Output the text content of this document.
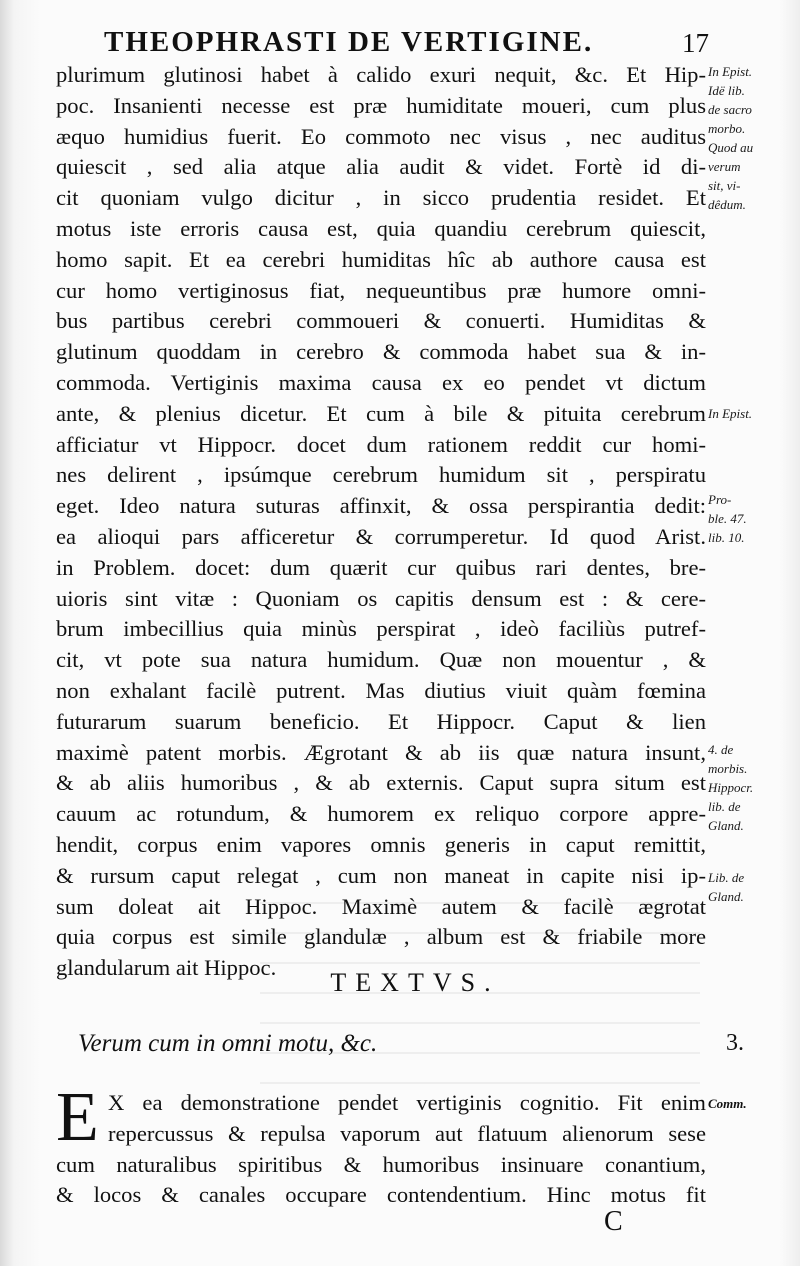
THEOPHRASTI DE VERTIGINE.	17
plurimum glutinosi habet à calido exuri nequit, &c. Et Hip-
poc. Insanienti necesse est præ humiditate moueri, cum plus
æquo humidius fuerit. Eo commoto nec visus , nec auditus
quiescit , sed alia atque alia audit & videt. Fortè id di-
cit quoniam vulgo dicitur , in sicco prudentia residet. Et
motus iste erroris causa est, quia quandiu cerebrum quiescit,
homo sapit. Et ea cerebri humiditas hîc ab authore causa est
cur homo vertiginosus fiat, nequeuntibus præ humore omni-
bus partibus cerebri commoueri & conuerti. Humiditas &
glutinum quoddam in cerebro & commoda habet sua & in-
commoda. Vertiginis maxima causa ex eo pendet vt dictum
ante, & plenius dicetur. Et cum à bile & pituita cerebrum
afficiatur vt Hippocr. docet dum rationem reddit cur homi-
nes delirent , ipsúmque cerebrum humidum sit , perspiratu
eget. Ideo natura suturas affinxit, & ossa perspirantia dedit:
ea alioqui pars afficeretur & corrumperetur. Id quod Arist.
in Problem. docet: dum quærit cur quibus rari dentes, bre-
uioris sint vitæ : Quoniam os capitis densum est : & cere-
brum imbecillius quia minùs perspirat , ideò faciliùs putref-
cit, vt pote sua natura humidum. Quæ non mouentur , &
non exhalant facilè putrent. Mas diutius viuit quàm fœmina
futurarum suarum beneficio. Et Hippocr. Caput & lien
maximè patent morbis. Ægrotant & ab iis quæ natura insunt,
& ab aliis humoribus , & ab externis. Caput supra situm est
cauum ac rotundum, & humorem ex reliquo corpore appre-
hendit, corpus enim vapores omnis generis in caput remittit,
& rursum caput relegat , cum non maneat in capite nisi ip-
sum doleat ait Hippoc. Maximè autem & facilè ægrotat
quia corpus est simile glandulæ , album est & friabile more
glandularum ait Hippoc.
In Epist.
Idë lib.
de sacro
morbo.
Quod au
verum
sit, vi-
dêdum.
In Epist.
Pro-
ble. 47.
lib. 10.
4. de
morbis.
Hippocr.
lib. de
Gland.
Lib. de
Gland.
TEXTVS.
Verum cum in omni motu, &c.	3.
Comm.
E X ea demonstratione pendet vertiginis cognitio. Fit enim
repercussus & repulsa vaporum aut flatuum alienorum sese
cum naturalibus spiritibus & humoribus insinuare conantium,
& locos & canales occupare contendentium. Hinc motus fit
C
